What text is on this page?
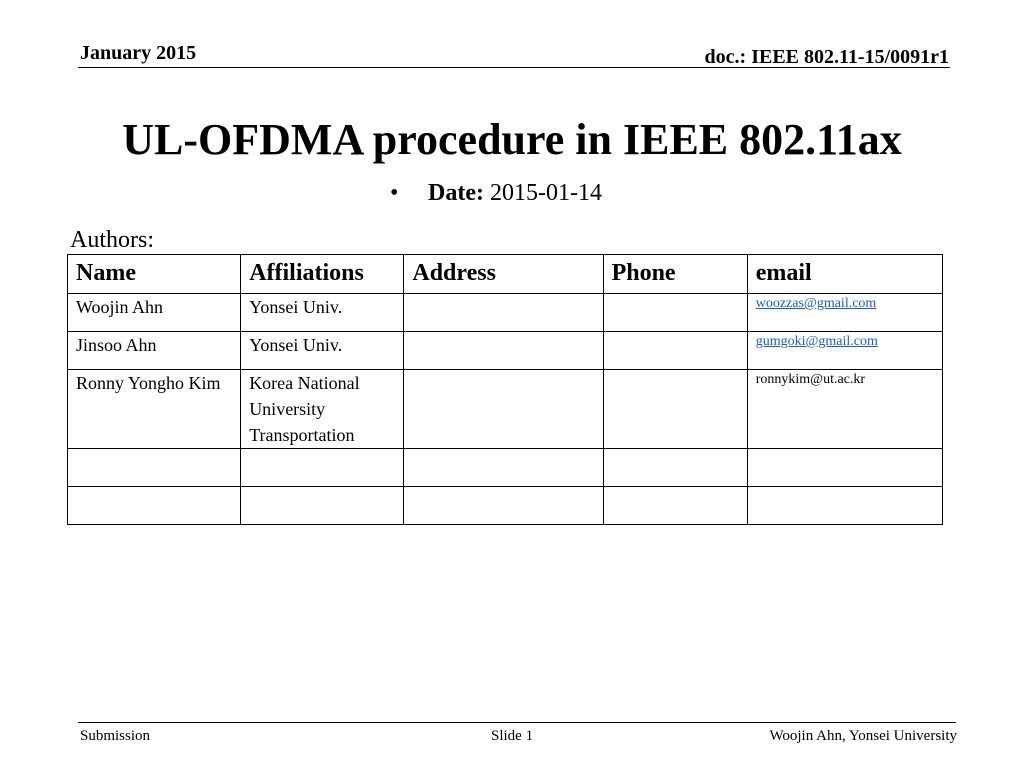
January 2015	doc.: IEEE 802.11-15/0091r1
UL-OFDMA procedure in IEEE 802.11ax
• Date: 2015-01-14
Authors:
Name	Affiliations	Address	Phone	email
Woojin Ahn	Yonsei Univ.			woozzas@gmail.com
Jinsoo Ahn	Yonsei Univ.			gumgoki@gmail.com
Ronny Yongho Kim	Korea National University Transportation			ronnykim@ut.ac.kr

Submission	Slide 1	Woojin Ahn, Yonsei University
